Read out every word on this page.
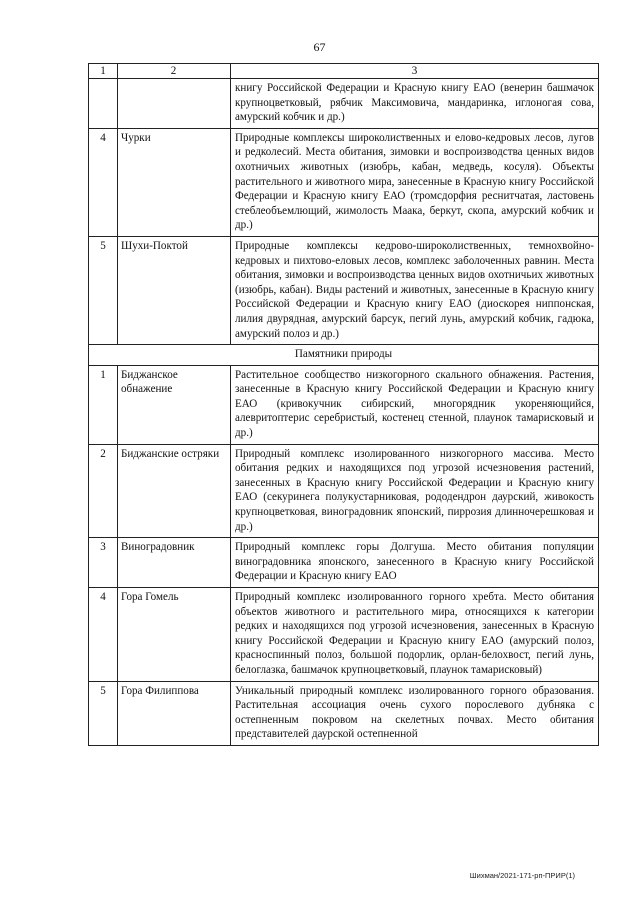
67
1	2	3
		книгу Российской Федерации и Красную книгу ЕАО (венерин башмачок крупноцветковый, рябчик Максимовича, мандаринка, иглоногая сова, амурский кобчик и др.)
4	Чурки	Природные комплексы широколиственных и елово-кедровых лесов, лугов и редколесий. Места обитания, зимовки и воспроизводства ценных видов охотничьих животных (изюбрь, кабан, медведь, косуля). Объекты растительного и животного мира, занесенные в Красную книгу Российской Федерации и Красную книгу ЕАО (тромсдорфия реснитчатая, ластовень стеблеобъемлющий, жимолость Маака, беркут, скопа, амурский кобчик и др.)
5	Шухи-Поктой	Природные комплексы кедрово-широколиственных, темнохвойно-кедровых и пихтово-еловых лесов, комплекс заболоченных равнин. Места обитания, зимовки и воспроизводства ценных видов охотничьих животных (изюбрь, кабан). Виды растений и животных, занесенные в Красную книгу Российской Федерации и Красную книгу ЕАО (диоскорея ниппонская, лилия двурядная, амурский барсук, пегий лунь, амурский кобчик, гадюка, амурский полоз и др.)
Памятники природы		
1	Биджанское обнажение	Растительное сообщество низкогорного скального обнажения. Растения, занесенные в Красную книгу Российской Федерации и Красную книгу ЕАО (кривокучник сибирский, многорядник укореняющийся, алевритоптерис серебристый, костенец стенной, плаунок тамарисковый и др.)
2	Биджанские остряки	Природный комплекс изолированного низкогорного массива. Место обитания редких и находящихся под угрозой исчезновения растений, занесенных в Красную книгу Российской Федерации и Красную книгу ЕАО (секуринега полукустарниковая, рододендрон даурский, живокость крупноцветковая, виноградовник японский, пиррозия длинночерешковая и др.)
3	Виноградовник	Природный комплекс горы Долгуша. Место обитания популяции виноградовника японского, занесенного в Красную книгу Российской Федерации и Красную книгу ЕАО
4	Гора Гомель	Природный комплекс изолированного горного хребта. Место обитания объектов животного и растительного мира, относящихся к категории редких и находящихся под угрозой исчезновения, занесенных в Красную книгу Российской Федерации и Красную книгу ЕАО (амурский полоз, красноспинный полоз, большой подорлик, орлан-белохвост, пегий лунь, белоглазка, башмачок крупноцветковый, плаунок тамарисковый)
5	Гора Филиппова	Уникальный природный комплекс изолированного горного образования. Растительная ассоциация очень сухого порослевого дубняка с остепненным покровом на скелетных почвах. Место обитания представителей даурской остепненной
Шихман/2021-171-рп-ПРИР(1)
